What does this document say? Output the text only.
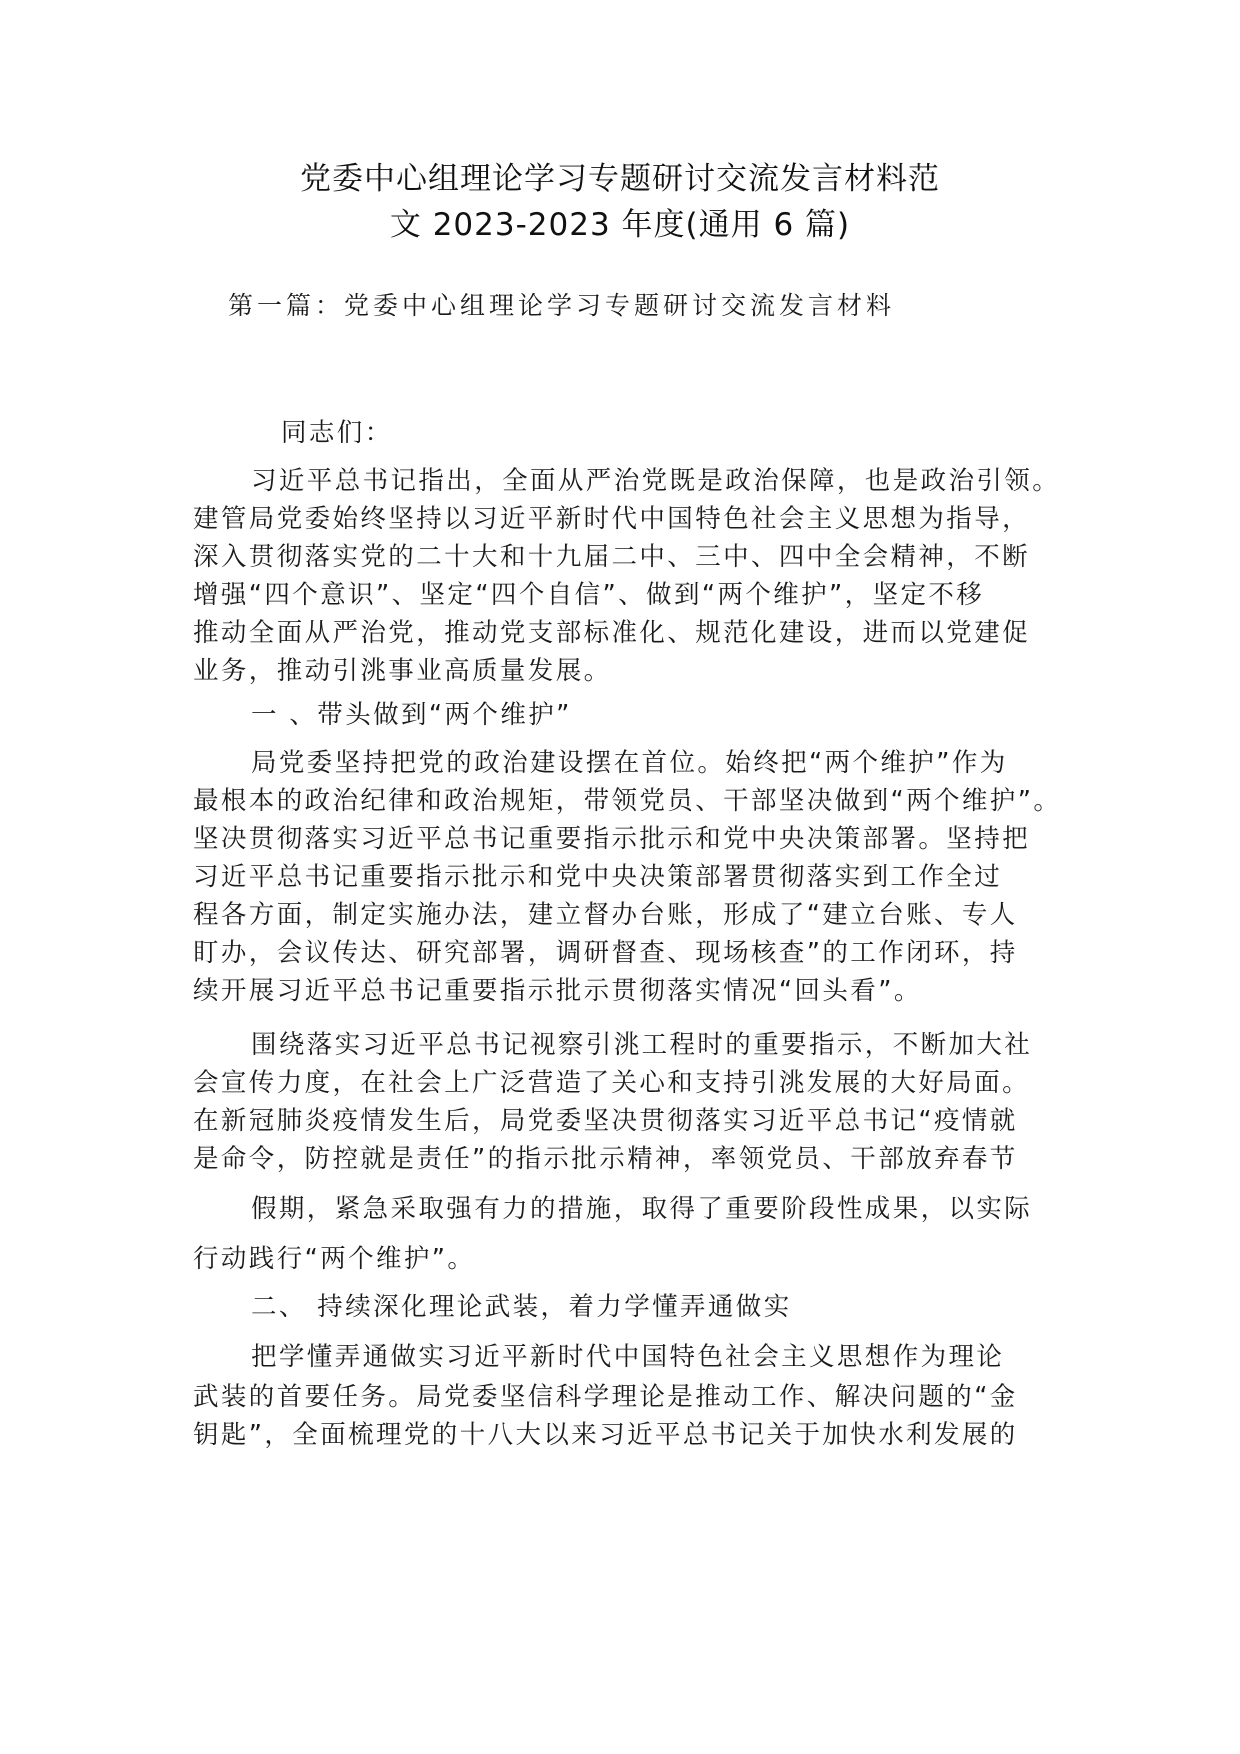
党委中心组理论学习专题研讨交流发言材料范
文 2023-2023 年度(通用 6 篇)
第一篇：党委中心组理论学习专题研讨交流发言材料
同志们：
习近平总书记指出，全面从严治党既是政治保障，也是政治引领。
建管局党委始终坚持以习近平新时代中国特色社会主义思想为指导，
深入贯彻落实党的二十大和十九届二中、三中、四中全会精神，不断
增强“四个意识”、坚定“四个自信”、做到“两个维护”，坚定不移
推动全面从严治党，推动党支部标准化、规范化建设，进而以党建促
业务，推动引洮事业高质量发展。
一 、带头做到“两个维护”
局党委坚持把党的政治建设摆在首位。始终把“两个维护”作为
最根本的政治纪律和政治规矩，带领党员、干部坚决做到“两个维护”。
坚决贯彻落实习近平总书记重要指示批示和党中央决策部署。坚持把
习近平总书记重要指示批示和党中央决策部署贯彻落实到工作全过
程各方面，制定实施办法，建立督办台账，形成了“建立台账、专人
盯办，会议传达、研究部署，调研督查、现场核查”的工作闭环，持
续开展习近平总书记重要指示批示贯彻落实情况“回头看”。
围绕落实习近平总书记视察引洮工程时的重要指示，不断加大社
会宣传力度，在社会上广泛营造了关心和支持引洮发展的大好局面。
在新冠肺炎疫情发生后，局党委坚决贯彻落实习近平总书记“疫情就
是命令，防控就是责任”的指示批示精神，率领党员、干部放弃春节
假期，紧急采取强有力的措施，取得了重要阶段性成果，以实际
行动践行“两个维护”。
二、 持续深化理论武装，着力学懂弄通做实
把学懂弄通做实习近平新时代中国特色社会主义思想作为理论
武装的首要任务。局党委坚信科学理论是推动工作、解决问题的“金
钥匙”，全面梳理党的十八大以来习近平总书记关于加快水利发展的
